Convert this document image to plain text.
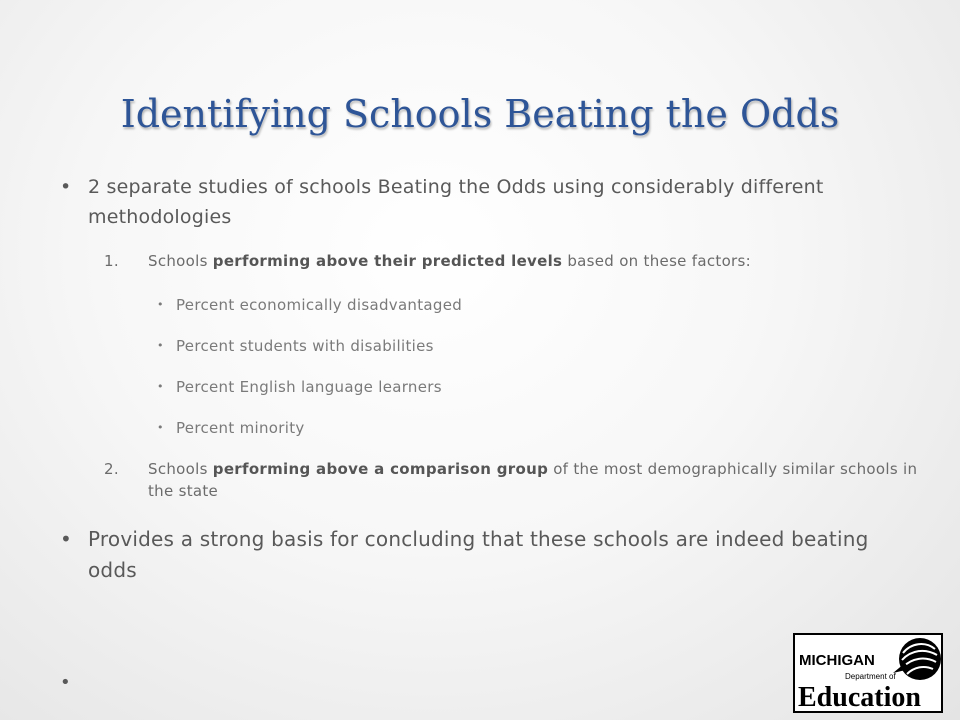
Identifying Schools Beating the Odds
• 2 separate studies of schools Beating the Odds using considerably different methodologies
1. Schools performing above their predicted levels based on these factors:
• Percent economically disadvantaged
• Percent students with disabilities
• Percent English language learners
• Percent minority
2. Schools performing above a comparison group of the most demographically similar schools in the state
• Provides a strong basis for concluding that these schools are indeed beating odds
•
MICHIGAN
Department of
Education
